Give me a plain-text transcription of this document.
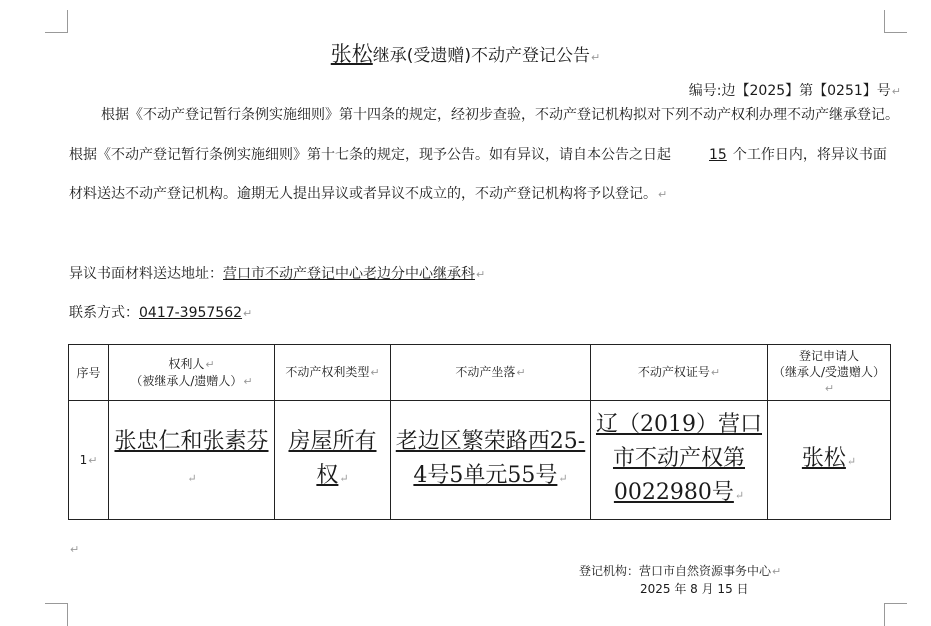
张松继承(受遗赠)不动产登记公告↵
编号:边【2025】第【0251】号↵
根据《不动产登记暂行条例实施细则》第十四条的规定，经初步查验，不动产登记机构拟对下列不动产权利办理不动产继承登记。根据《不动产登记暂行条例实施细则》第十七条的规定，现予公告。如有异议，请自本公告之日起	15 个工作日内，将异议书面材料送达不动产登记机构。逾期无人提出异议或者异议不成立的，不动产登记机构将予以登记。↵
异议书面材料送达地址：营口市不动产登记中心老边分中心继承科↵
联系方式：0417-3957562↵
序号	权利人↵
（被继承人/遗赠人）↵	不动产权利类型↵	不动产坐落↵	不动产权证号↵	登记申请人
（继承人/受遗赠人）↵
1↵	张忠仁和张素芬↵	房屋所有权↵	老边区繁荣路西25-4号5单元55号↵	辽（2019）营口市不动产权第0022980号↵	张松↵
↵
登记机构：营口市自然资源事务中心↵
2025 年 8 月 15 日
